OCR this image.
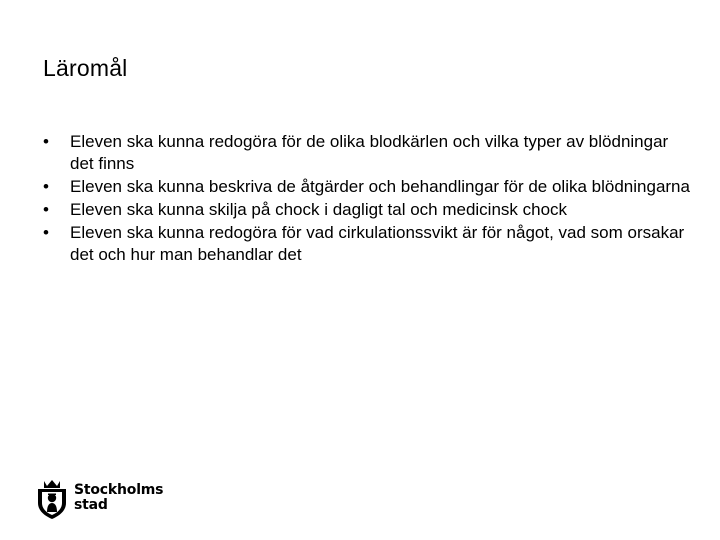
Läromål
•	Eleven ska kunna redogöra för de olika blodkärlen och vilka typer av blödningar det finns
•	Eleven ska kunna beskriva de åtgärder och behandlingar för de olika blödningarna
•	Eleven ska kunna skilja på chock i dagligt tal och medicinsk chock
•	Eleven ska kunna redogöra för vad cirkulationssvikt är för något, vad som orsakar det och hur man behandlar det
Stockholms
stad
